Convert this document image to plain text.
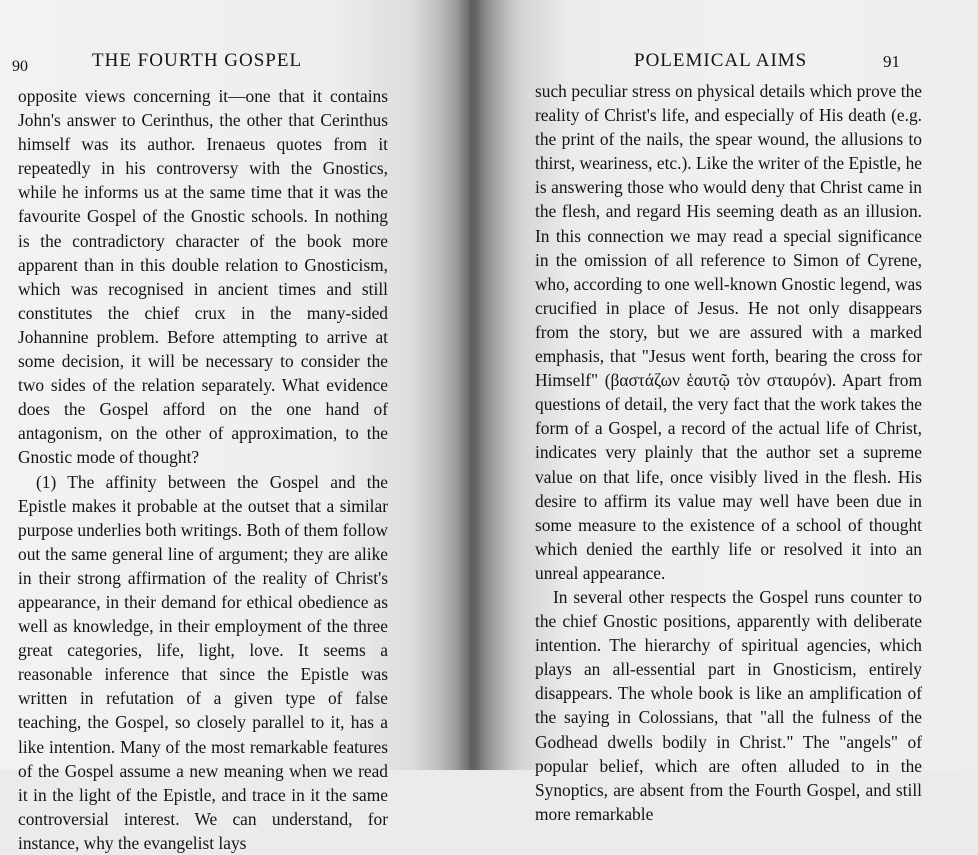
90	THE FOURTH GOSPEL

opposite views concerning it—one that it contains John's answer to Cerinthus, the other that Cerinthus himself was its author. Irenaeus quotes from it repeatedly in his controversy with the Gnostics, while he informs us at the same time that it was the favourite Gospel of the Gnostic schools. In nothing is the contradictory character of the book more apparent than in this double relation to Gnosticism, which was recognised in ancient times and still constitutes the chief crux in the many-sided Johannine problem. Before attempting to arrive at some decision, it will be necessary to consider the two sides of the relation separately. What evidence does the Gospel afford on the one hand of antagonism, on the other of approximation, to the Gnostic mode of thought?

(1) The affinity between the Gospel and the Epistle makes it probable at the outset that a similar purpose underlies both writings. Both of them follow out the same general line of argument; they are alike in their strong affirmation of the reality of Christ's appearance, in their demand for ethical obedience as well as knowledge, in their employment of the three great categories, life, light, love. It seems a reasonable inference that since the Epistle was written in refutation of a given type of false teaching, the Gospel, so closely parallel to it, has a like intention. Many of the most remarkable features of the Gospel assume a new meaning when we read it in the light of the Epistle, and trace in it the same controversial interest. We can understand, for instance, why the evangelist lays

POLEMICAL AIMS	91

such peculiar stress on physical details which prove the reality of Christ's life, and especially of His death (e.g. the print of the nails, the spear wound, the allusions to thirst, weariness, etc.). Like the writer of the Epistle, he is answering those who would deny that Christ came in the flesh, and regard His seeming death as an illusion. In this connection we may read a special significance in the omission of all reference to Simon of Cyrene, who, according to one well-known Gnostic legend, was crucified in place of Jesus. He not only disappears from the story, but we are assured with a marked emphasis, that "Jesus went forth, bearing the cross for Himself" (βαστάζων ἑαυτῷ τὸν σταυρόν). Apart from questions of detail, the very fact that the work takes the form of a Gospel, a record of the actual life of Christ, indicates very plainly that the author set a supreme value on that life, once visibly lived in the flesh. His desire to affirm its value may well have been due in some measure to the existence of a school of thought which denied the earthly life or resolved it into an unreal appearance.

In several other respects the Gospel runs counter to the chief Gnostic positions, apparently with deliberate intention. The hierarchy of spiritual agencies, which plays an all-essential part in Gnosticism, entirely disappears. The whole book is like an amplification of the saying in Colossians, that "all the fulness of the Godhead dwells bodily in Christ." The "angels" of popular belief, which are often alluded to in the Synoptics, are absent from the Fourth Gospel, and still more remarkable
